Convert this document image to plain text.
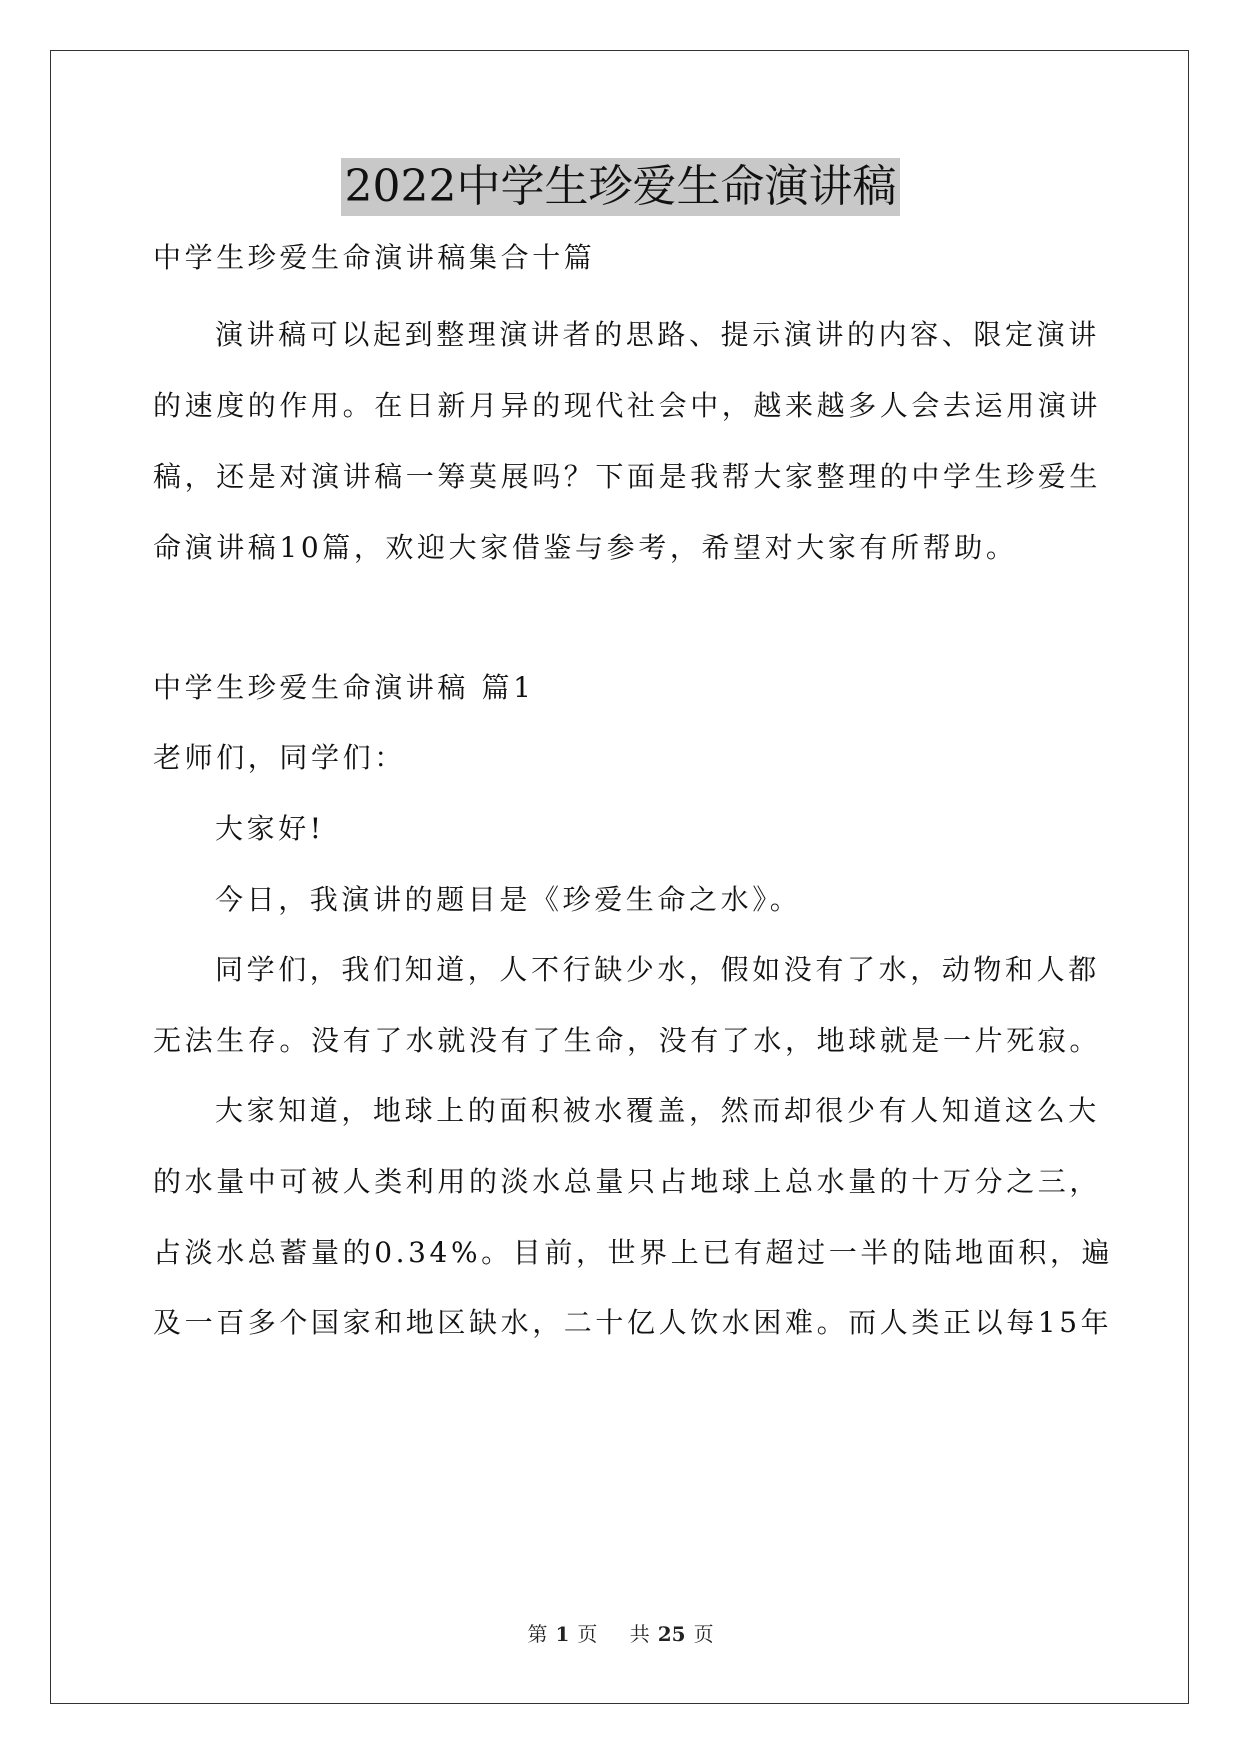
2022中学生珍爱生命演讲稿
中学生珍爱生命演讲稿集合十篇
演讲稿可以起到整理演讲者的思路、提示演讲的内容、限定演讲
的速度的作用。在日新月异的现代社会中，越来越多人会去运用演讲
稿，还是对演讲稿一筹莫展吗？下面是我帮大家整理的中学生珍爱生
命演讲稿10篇，欢迎大家借鉴与参考，希望对大家有所帮助。
中学生珍爱生命演讲稿 篇1
老师们，同学们：
大家好!
今日，我演讲的题目是《珍爱生命之水》。
同学们，我们知道，人不行缺少水，假如没有了水，动物和人都
无法生存。没有了水就没有了生命，没有了水，地球就是一片死寂。
大家知道，地球上的面积被水覆盖，然而却很少有人知道这么大
的水量中可被人类利用的淡水总量只占地球上总水量的十万分之三，
占淡水总蓄量的0.34%。目前，世界上已有超过一半的陆地面积，遍
及一百多个国家和地区缺水，二十亿人饮水困难。而人类正以每15年
第 1 页 共 25 页
